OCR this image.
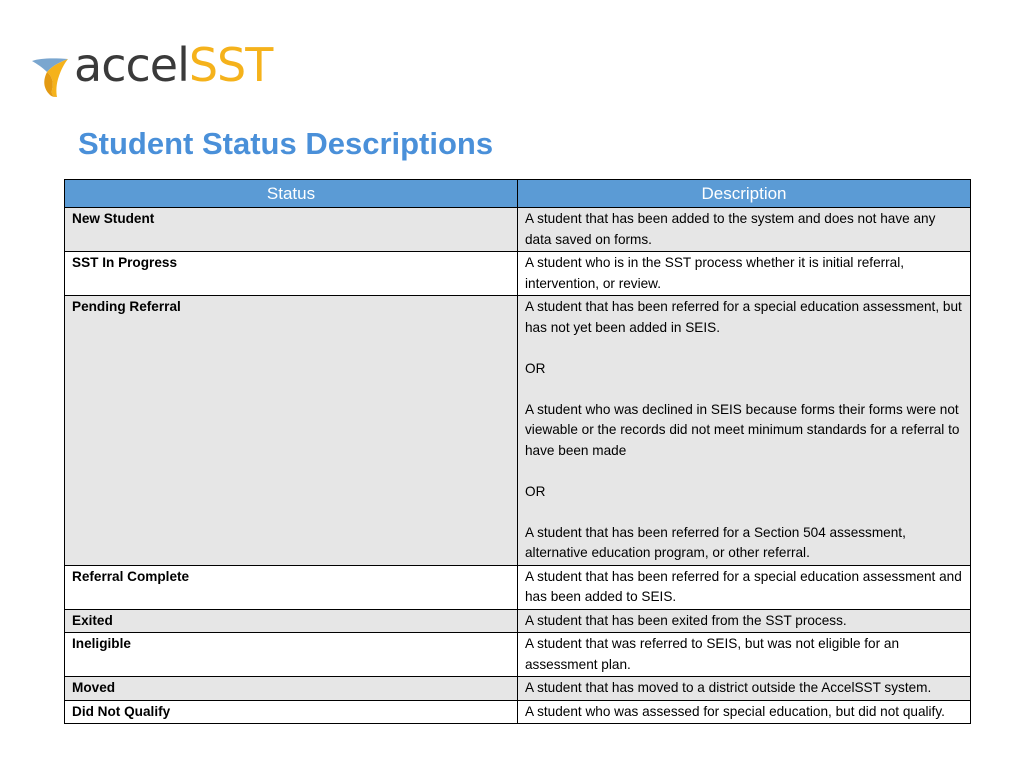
accelSST
Student Status Descriptions
Status	Description
New Student	A student that has been added to the system and does not have any data saved on forms.

SST In Progress	A student who is in the SST process whether it is initial referral, intervention, or review.

Pending Referral	A student that has been referred for a special education assessment, but has not yet been added in SEIS.

OR

A student who was declined in SEIS because forms their forms were not viewable or the records did not meet minimum standards for a referral to have been made

OR

A student that has been referred for a Section 504 assessment, alternative education program, or other referral.

Referral Complete	A student that has been referred for a special education assessment and has been added to SEIS.

Exited	A student that has been exited from the SST process.

Ineligible	A student that was referred to SEIS, but was not eligible for an assessment plan.

Moved	A student that has moved to a district outside the AccelSST system.

Did Not Qualify	A student who was assessed for special education, but did not qualify.
